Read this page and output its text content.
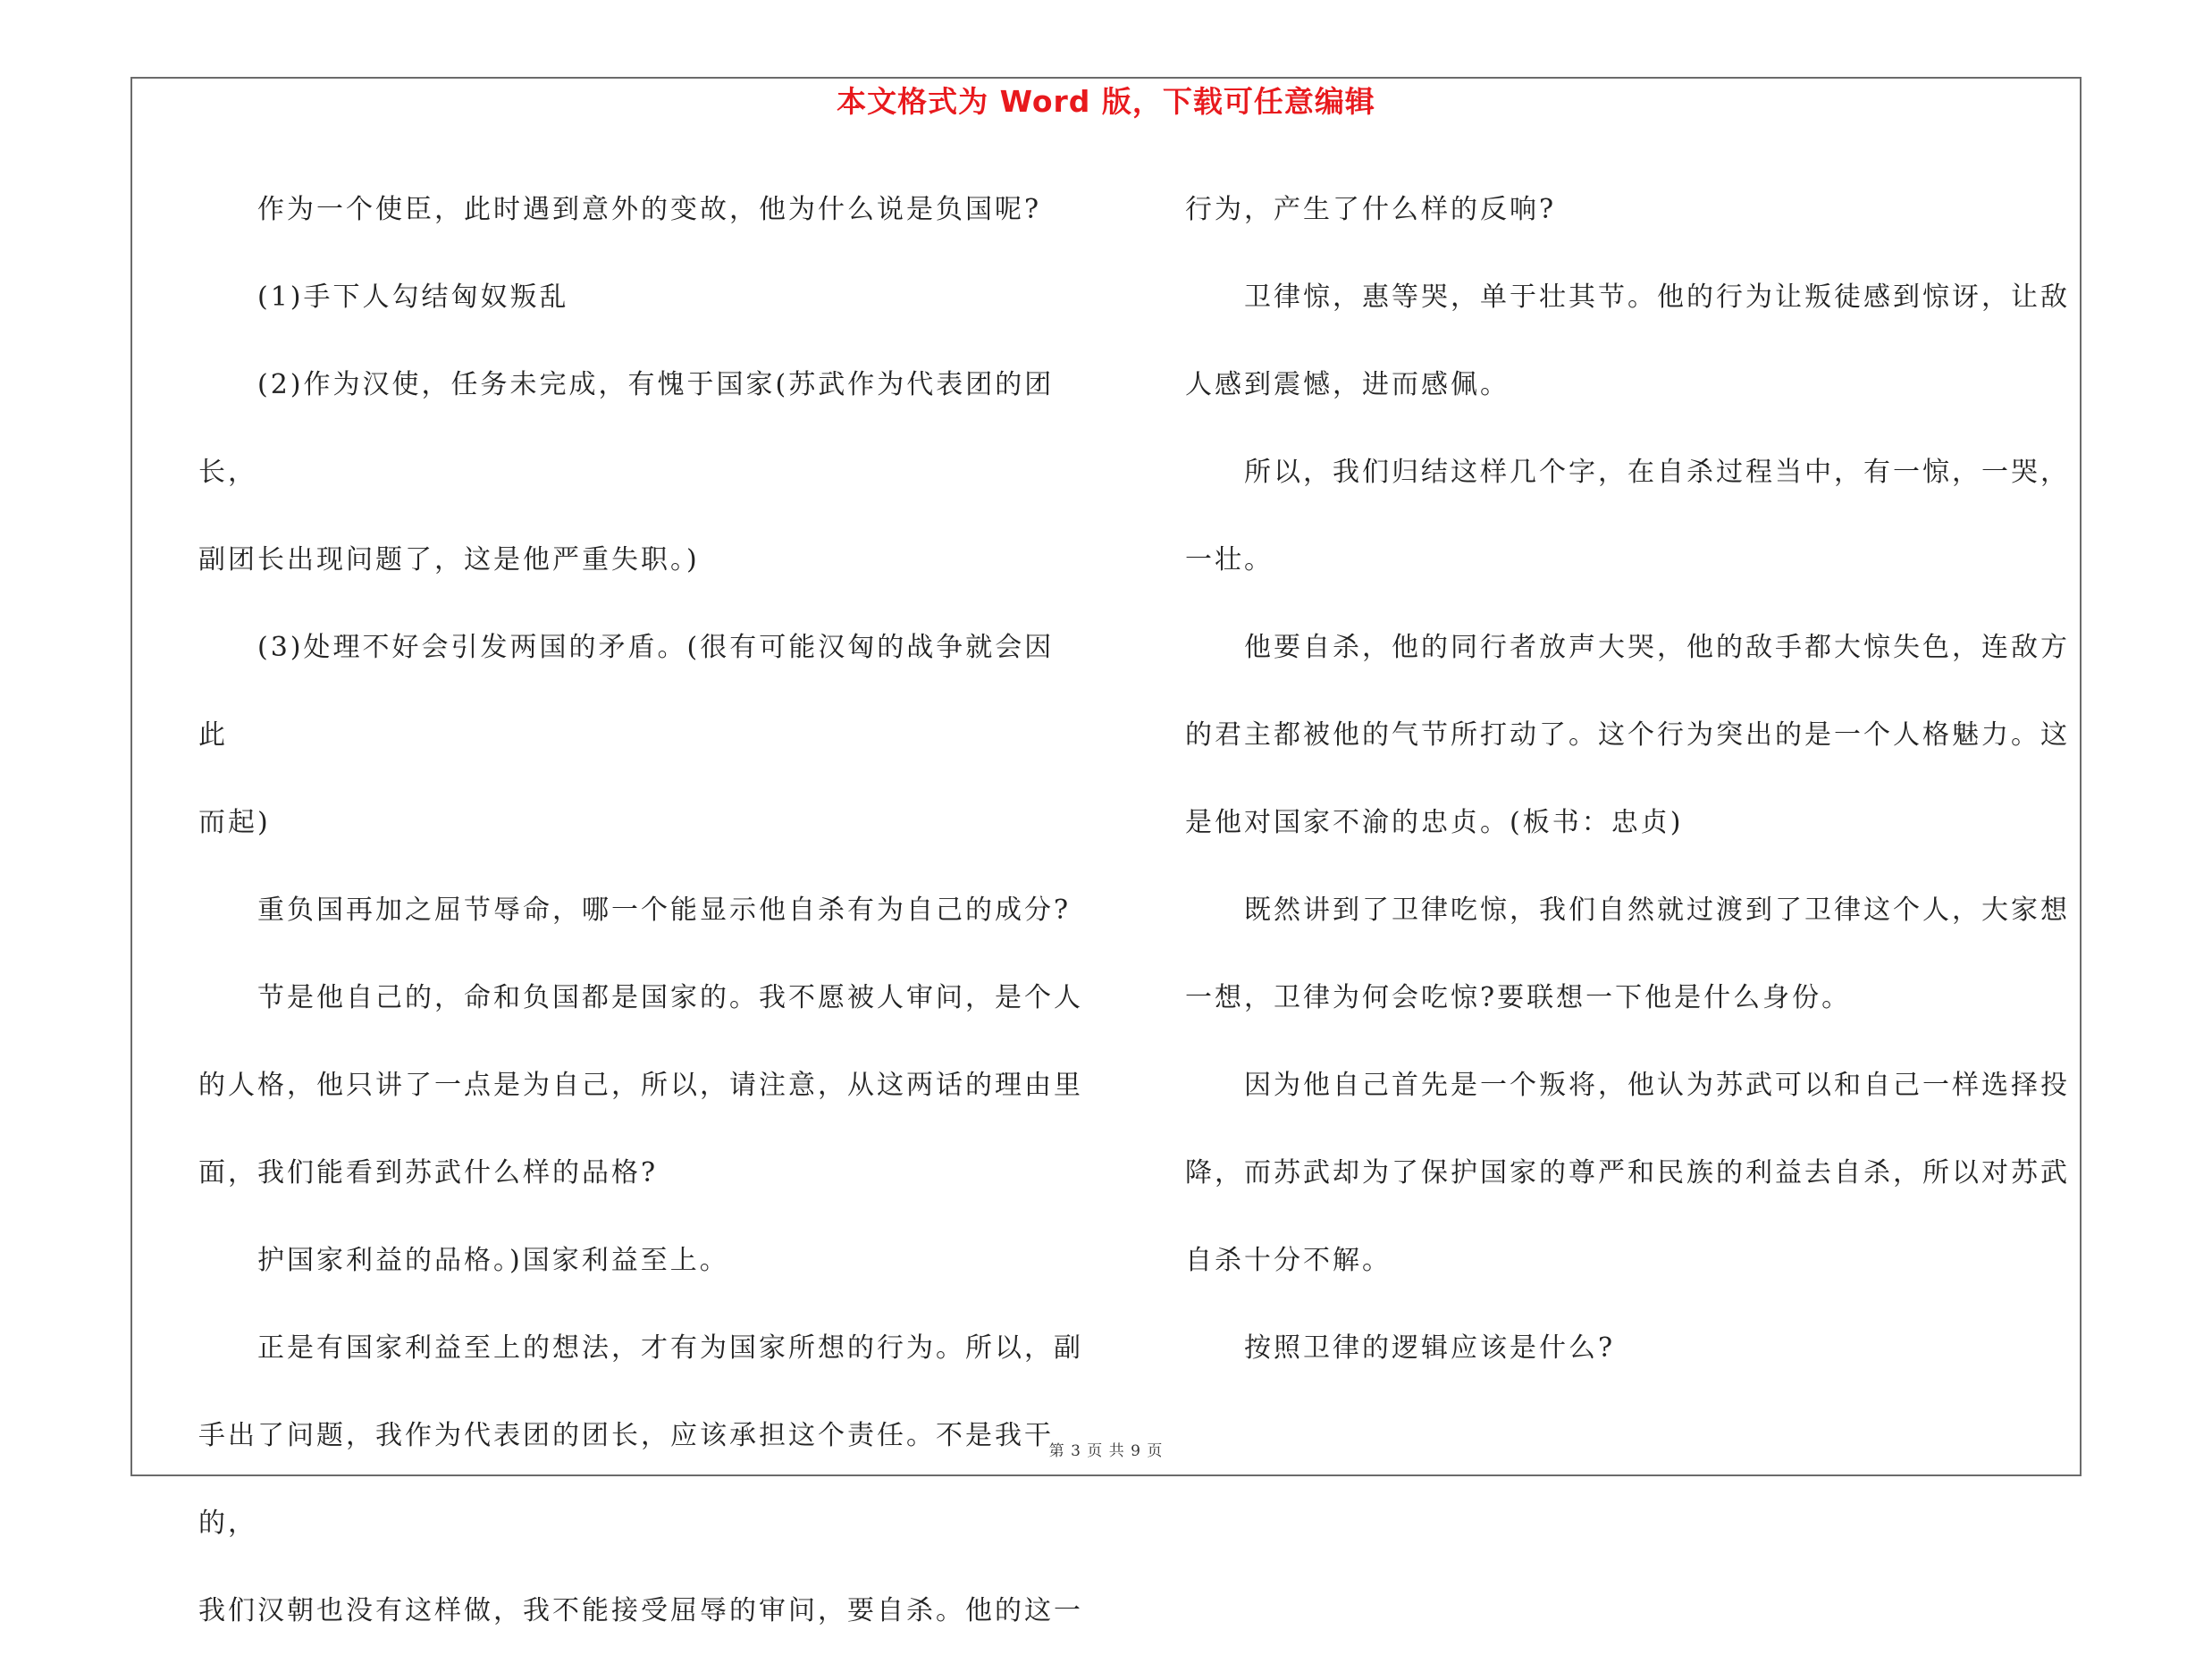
本文格式为 Word 版，下载可任意编辑

作为一个使臣，此时遇到意外的变故，他为什么说是负国呢?

(1)手下人勾结匈奴叛乱

(2)作为汉使，任务未完成，有愧于国家(苏武作为代表团的团长，

副团长出现问题了，这是他严重失职。)

(3)处理不好会引发两国的矛盾。(很有可能汉匈的战争就会因此

而起)

重负国再加之屈节辱命，哪一个能显示他自杀有为自己的成分?

节是他自己的，命和负国都是国家的。我不愿被人审问，是个人

的人格，他只讲了一点是为自己，所以，请注意，从这两话的理由里

面，我们能看到苏武什么样的品格?

护国家利益的品格。)国家利益至上。

正是有国家利益至上的想法，才有为国家所想的行为。所以，副

手出了问题，我作为代表团的团长，应该承担这个责任。不是我干的，

我们汉朝也没有这样做，我不能接受屈辱的审问，要自杀。他的这一

行为，产生了什么样的反响?

卫律惊，惠等哭，单于壮其节。他的行为让叛徒感到惊讶，让敌

人感到震憾，进而感佩。

所以，我们归结这样几个字，在自杀过程当中，有一惊，一哭，

一壮。

他要自杀，他的同行者放声大哭，他的敌手都大惊失色，连敌方

的君主都被他的气节所打动了。这个行为突出的是一个人格魅力。这

是他对国家不渝的忠贞。(板书：忠贞)

既然讲到了卫律吃惊，我们自然就过渡到了卫律这个人，大家想

一想，卫律为何会吃惊?要联想一下他是什么身份。

因为他自己首先是一个叛将，他认为苏武可以和自己一样选择投

降，而苏武却为了保护国家的尊严和民族的利益去自杀，所以对苏武

自杀十分不解。

按照卫律的逻辑应该是什么?

第 3 页 共 9 页
